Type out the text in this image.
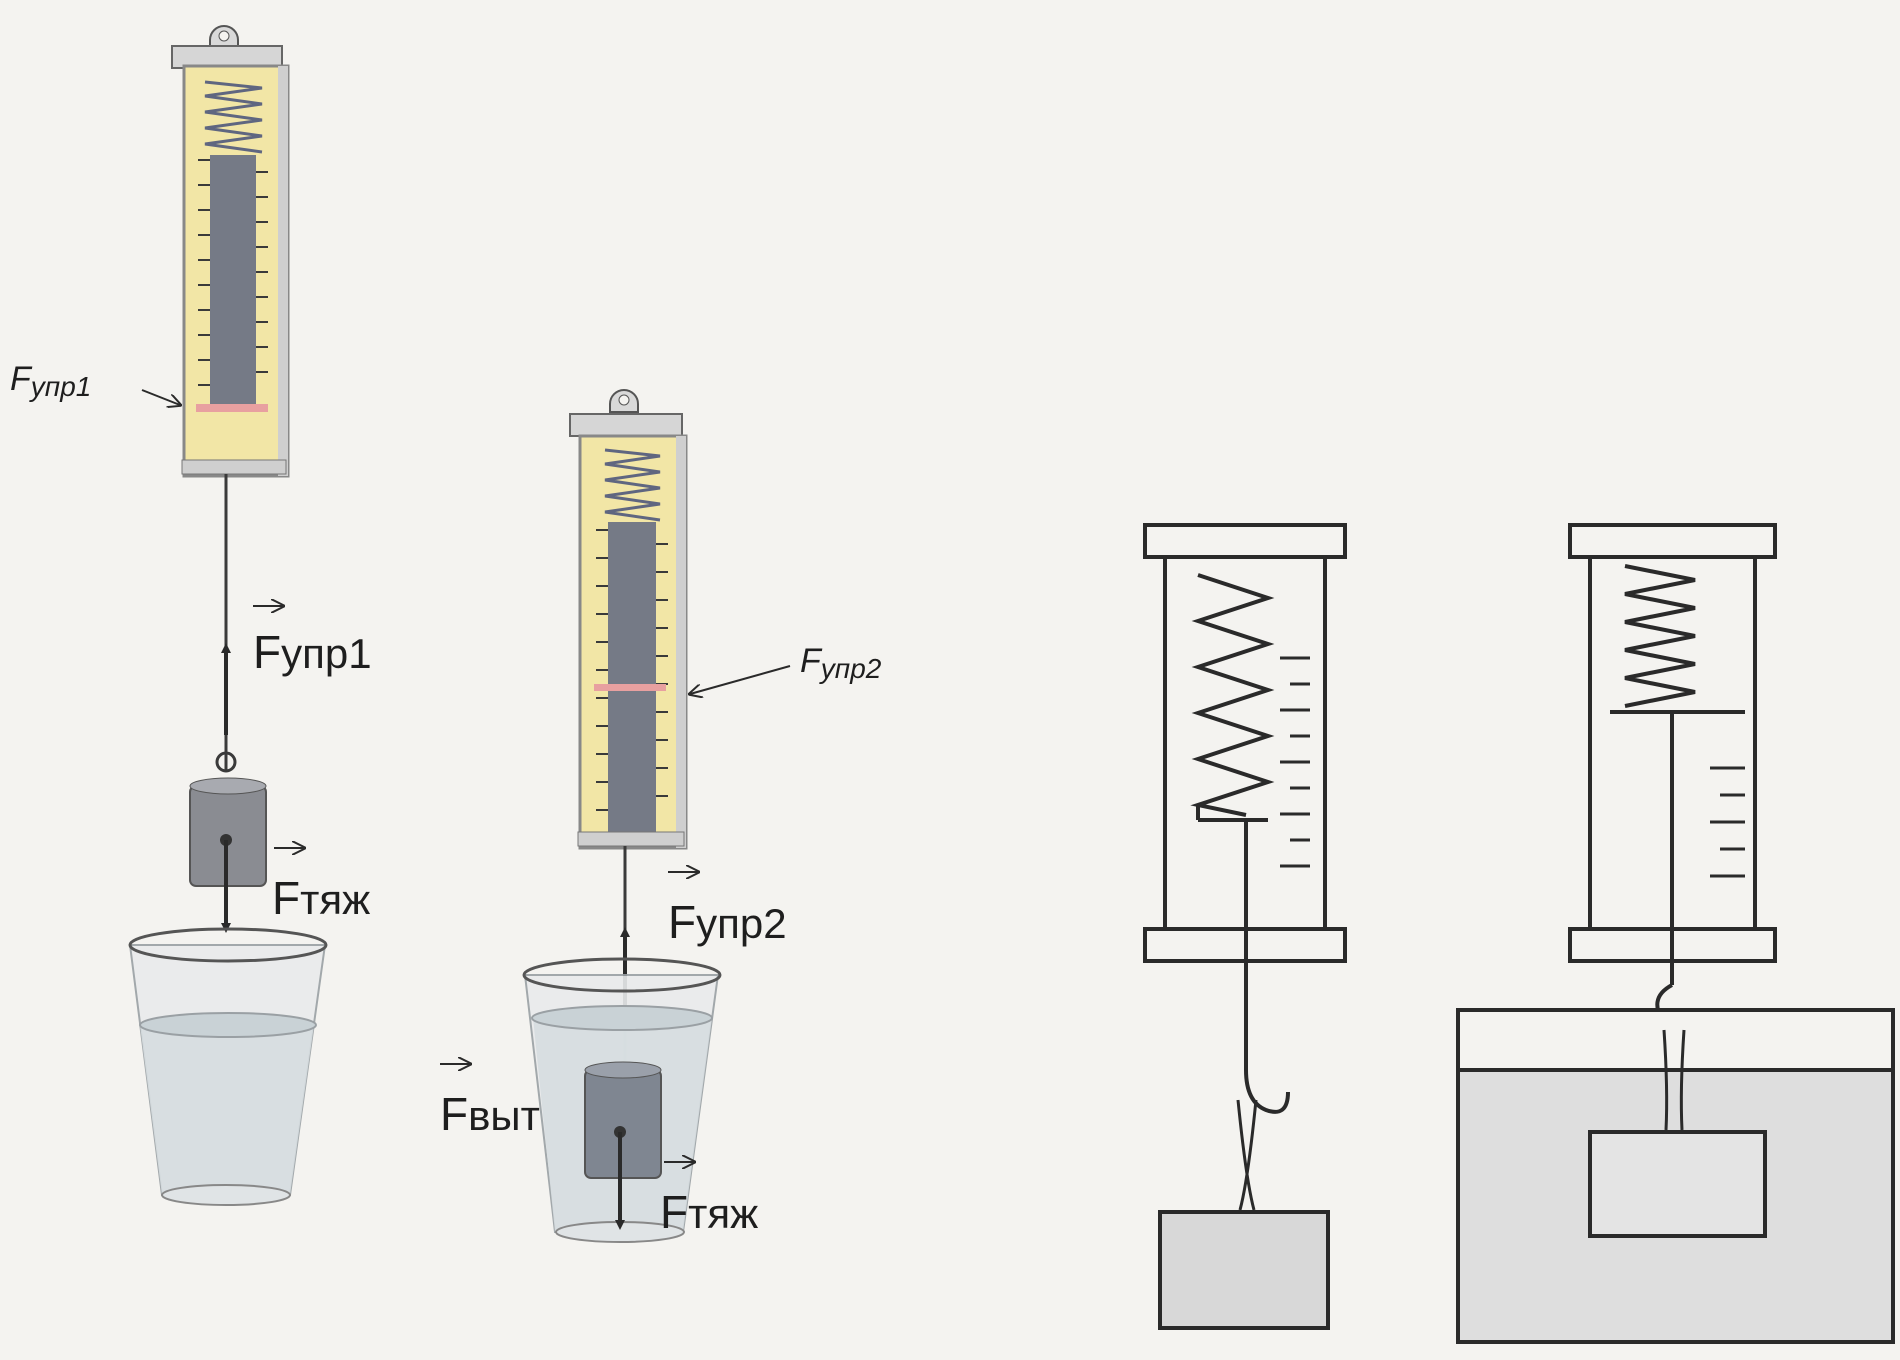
Fупр1
Fупр1
Fтяж
Fупр2
Fупр2
Fвыт
Fтяж
